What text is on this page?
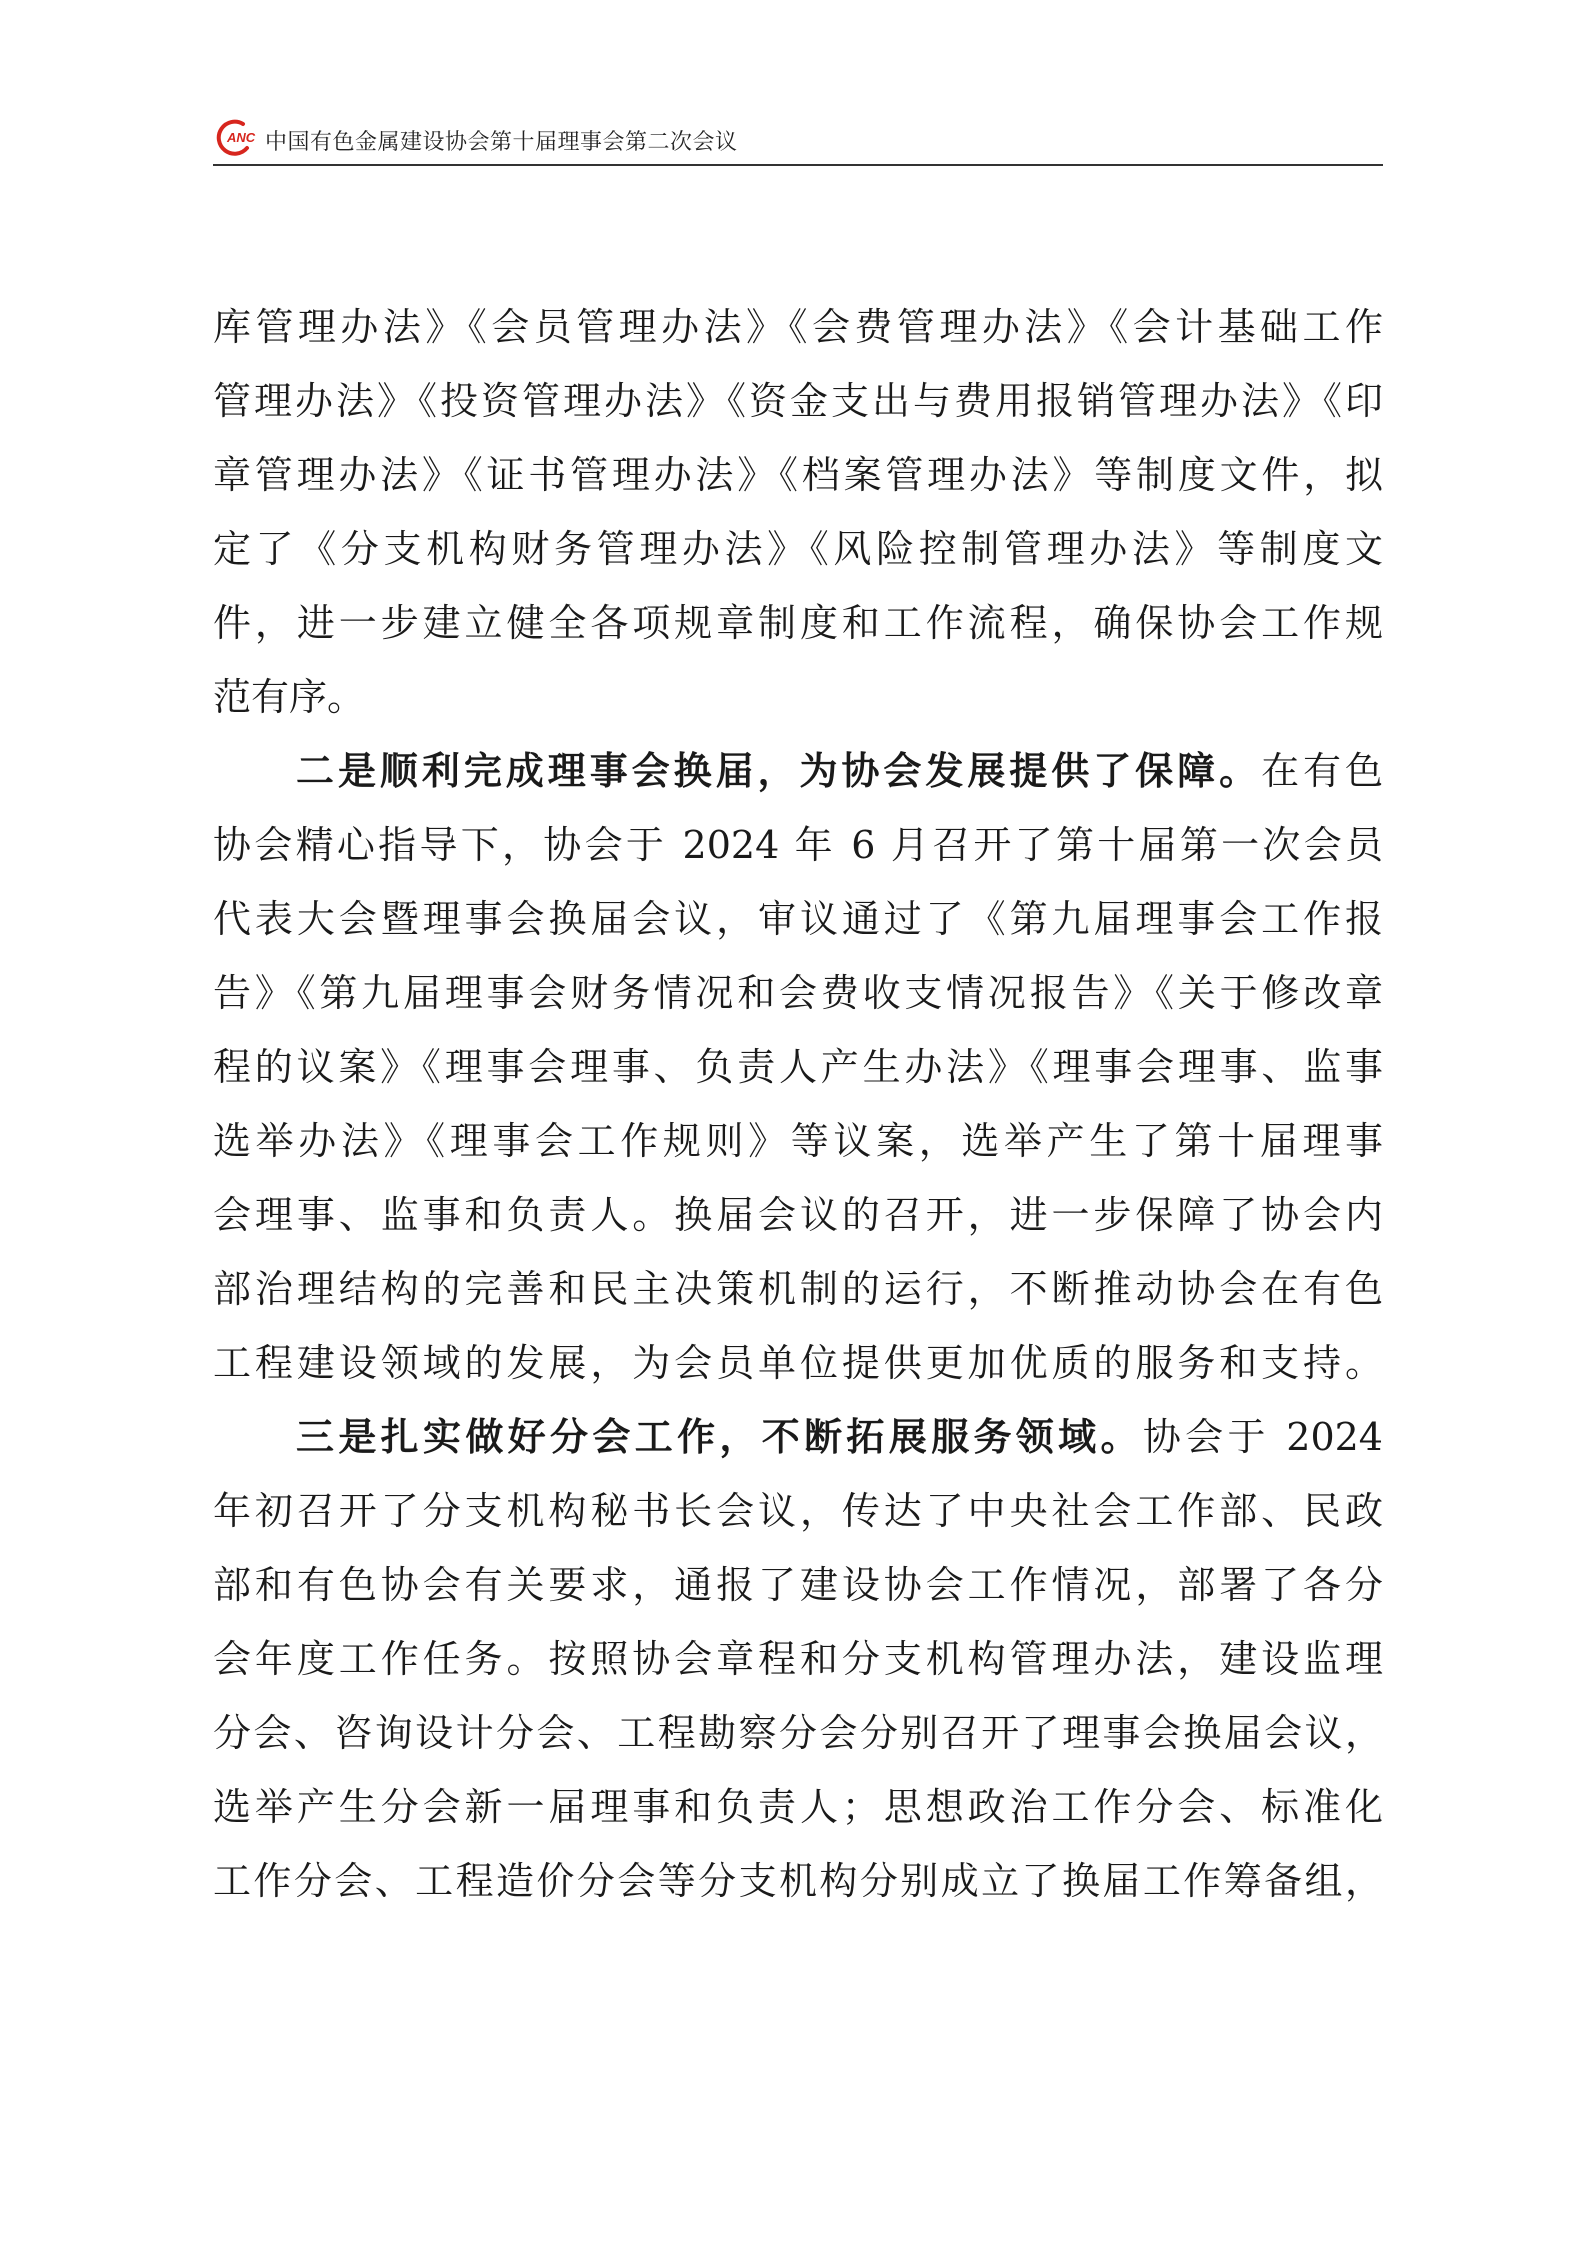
ANC 中国有色金属建设协会第十届理事会第二次会议
库管理办法》《会员管理办法》《会费管理办法》《会计基础工作
管理办法》《投资管理办法》《资金支出与费用报销管理办法》《印
章管理办法》《证书管理办法》《档案管理办法》等制度文件，拟
定了《分支机构财务管理办法》《风险控制管理办法》等制度文
件，进一步建立健全各项规章制度和工作流程，确保协会工作规
范有序。
二是顺利完成理事会换届，为协会发展提供了保障。在有色
协会精心指导下，协会于 2024 年 6 月召开了第十届第一次会员
代表大会暨理事会换届会议，审议通过了《第九届理事会工作报
告》《第九届理事会财务情况和会费收支情况报告》《关于修改章
程的议案》《理事会理事、负责人产生办法》《理事会理事、监事
选举办法》《理事会工作规则》等议案，选举产生了第十届理事
会理事、监事和负责人。换届会议的召开，进一步保障了协会内
部治理结构的完善和民主决策机制的运行，不断推动协会在有色
工程建设领域的发展，为会员单位提供更加优质的服务和支持。
三是扎实做好分会工作，不断拓展服务领域。协会于 2024
年初召开了分支机构秘书长会议，传达了中央社会工作部、民政
部和有色协会有关要求，通报了建设协会工作情况，部署了各分
会年度工作任务。按照协会章程和分支机构管理办法，建设监理
分会、咨询设计分会、工程勘察分会分别召开了理事会换届会议，
选举产生分会新一届理事和负责人；思想政治工作分会、标准化
工作分会、工程造价分会等分支机构分别成立了换届工作筹备组，
